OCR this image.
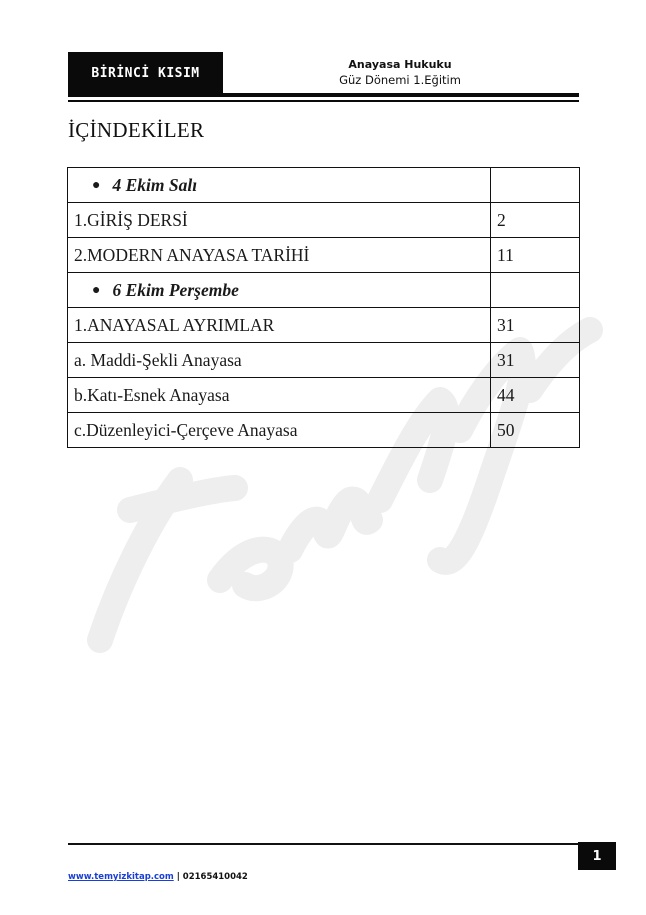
BİRİNCİ KISIM
Anayasa Hukuku
Güz Dönemi 1.Eğitim
İÇİNDEKİLER
● 4 Ekim Salı	
1.GİRİŞ DERSİ	2
2.MODERN ANAYASA TARİHİ	11
● 6 Ekim Perşembe	
1.ANAYASAL AYRIMLAR	31
a. Maddi-Şekli Anayasa	31
b.Katı-Esnek Anayasa	44
c.Düzenleyici-Çerçeve Anayasa	50
1
www.temyizkitap.com | 02165410042
